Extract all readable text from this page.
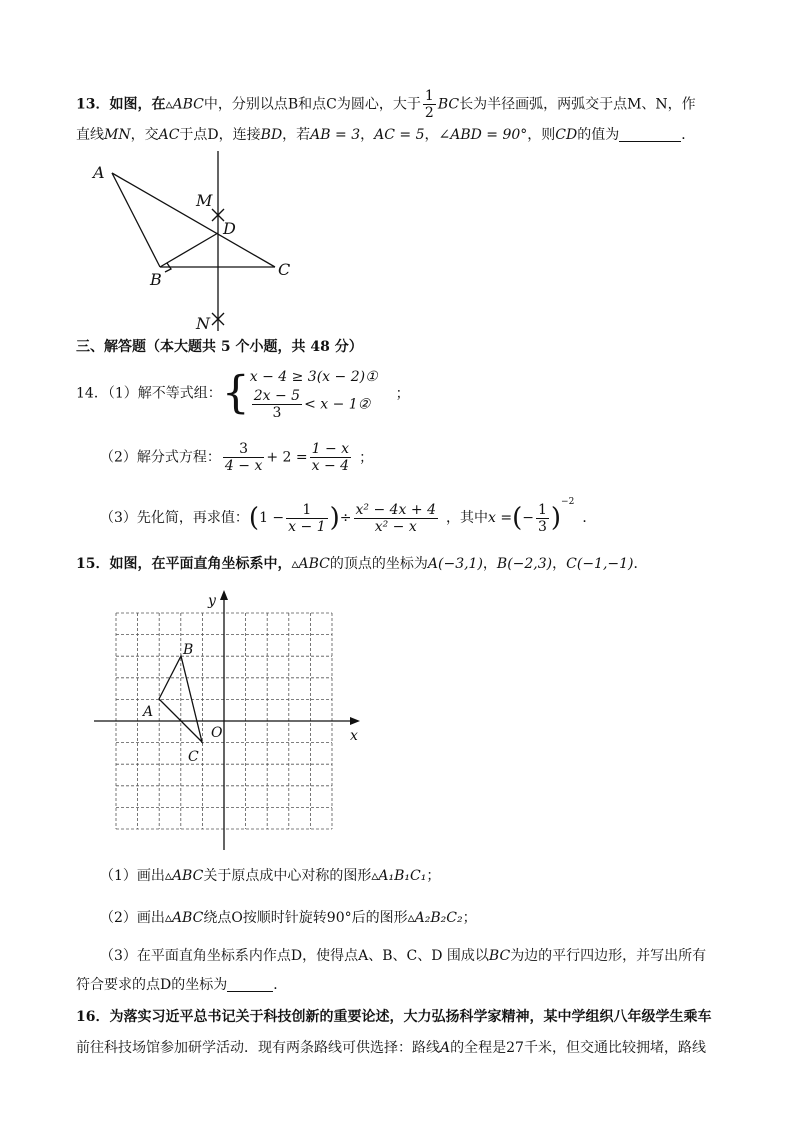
13．如图，在▵ABC中，分别以点B和点C为圆心，大于 $\frac{1}{2}$ BC长为半径画弧，两弧交于点M、N，作
直线MN，交AC于点D，连接BD，若AB = 3，AC = 5，∠ABD = 90°，则CD的值为	．
A
B
C
D
M
N
三、解答题（本大题共 5 个小题，共 48 分）
14．（1）解不等式组：{ x − 4 ≥ 3(x − 2)①
$\frac{2x - 5}{3} < x$ − 1②
；
（2）解分式方程： $\frac{3}{4 - x} + 2 = \frac{1 - x}{x - 4}$ ；
（3）先化简，再求值：($1 - \frac{1}{x - 1}$ )÷ $\frac{\text{x² − 4x + 4}}{\text{x² − x}}$ ，其中x =(− $\frac{1}{3} )^{-2}$．
15．如图，在平面直角坐标系中，▵ABC的顶点的坐标为A(−3,1)，B(−2,3)，C(−1,−1)．
x
y
O
A
B
C
（1）画出▵ABC关于原点成中心对称的图形▵A₁B₁C₁；
（2）画出▵ABC绕点O按顺时针旋转90°后的图形▵A₂B₂C₂；
（3）在平面直角坐标系内作点D，使得点A、B、C、D 围成以BC为边的平行四边形，并写出所有
符合要求的点D的坐标为	．
16．为落实习近平总书记关于科技创新的重要论述，大力弘扬科学家精神，某中学组织八年级学生乘车
前往科技场馆参加研学活动．现有两条路线可供选择：路线A的全程是27千米，但交通比较拥堵，路线
